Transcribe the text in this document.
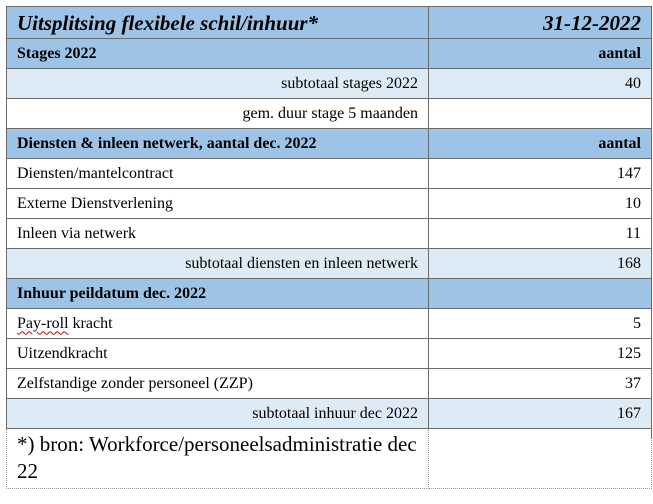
Uitsplitsing flexibele schil/inhuur*	31-12-2022
Stages 2022	aantal
subtotaal stages 2022	40
gem. duur stage 5 maanden	
Diensten & inleen netwerk, aantal dec. 2022	aantal
Diensten/mantelcontract	147
Externe Dienstverlening	10
Inleen via netwerk	11
subtotaal diensten en inleen netwerk	168
Inhuur peildatum dec. 2022	
Pay-roll kracht	5
Uitzendkracht	125
Zelfstandige zonder personeel (ZZP)	37
subtotaal inhuur dec 2022	167
*) bron: Workforce/personeelsadministratie dec 22	
